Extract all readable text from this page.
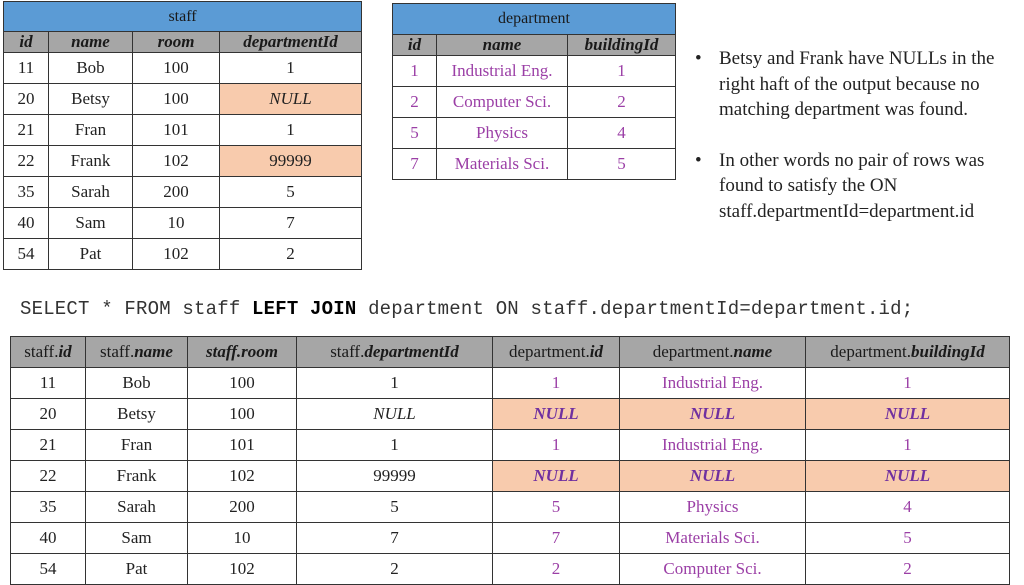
staff			
id	name	room	departmentId
11	Bob	100	1
20	Betsy	100	NULL
21	Fran	101	1
22	Frank	102	99999
35	Sarah	200	5
40	Sam	10	7
54	Pat	102	2
department		
id	name	buildingId
1	Industrial Eng.	1
2	Computer Sci.	2
5	Physics	4
7	Materials Sci.	5
• Betsy and Frank have NULLs in the right haft of the output because no matching department was found.
• In other words no pair of rows was found to satisfy the ON staff.departmentId=department.id
SELECT * FROM staff LEFT JOIN department ON staff.departmentId=department.id;
staff.id	staff.name	staff.room	staff.departmentId	department.id	department.name	department.buildingId
11	Bob	100	1	1	Industrial Eng.	1
20	Betsy	100	NULL	NULL	NULL	NULL
21	Fran	101	1	1	Industrial Eng.	1
22	Frank	102	99999	NULL	NULL	NULL
35	Sarah	200	5	5	Physics	4
40	Sam	10	7	7	Materials Sci.	5
54	Pat	102	2	2	Computer Sci.	2
